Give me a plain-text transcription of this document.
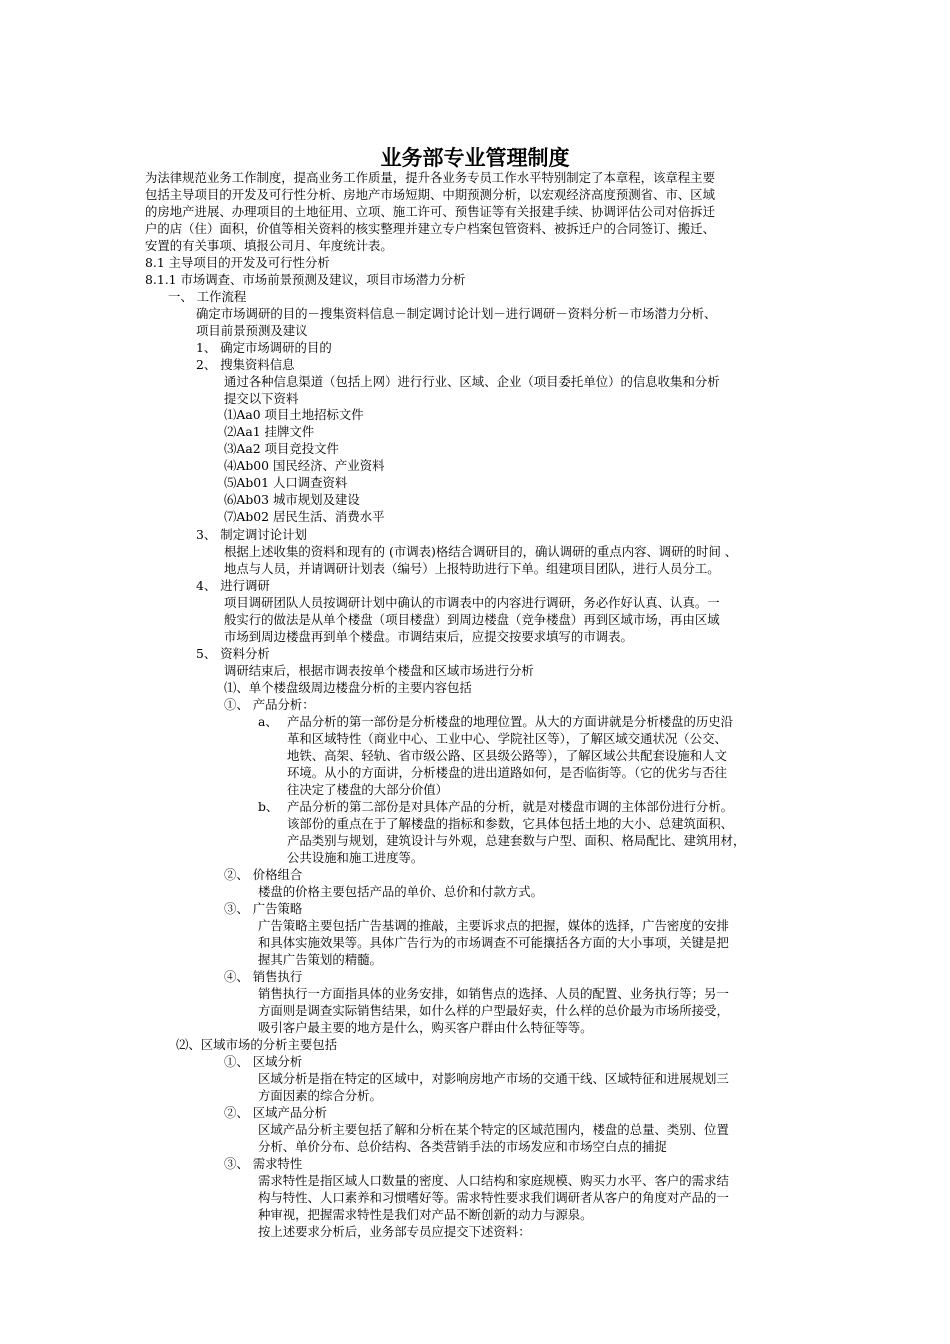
业务部专业管理制度
为法律规范业务工作制度，提高业务工作质量，提升各业务专员工作水平特别制定了本章程，该章程主要
包括主导项目的开发及可行性分析、房地产市场短期、中期预测分析，以宏观经济高度预测省、市、区域
的房地产进展、办理项目的土地征用、立项、施工许可、预售证等有关报建手续、协调评估公司对倍拆迁
户的店（住）面积，价值等相关资料的核实整理并建立专户档案包管资料、被拆迁户的合同签订、搬迁、
安置的有关事项、填报公司月、年度统计表。
8.1 主导项目的开发及可行性分析
8.1.1 市场调查、市场前景预测及建议，项目市场潜力分析
一、 工作流程
确定市场调研的目的－搜集资料信息－制定调讨论计划－进行调研－资料分析－市场潜力分析、
项目前景预测及建议
1、 确定市场调研的目的
2、 搜集资料信息
通过各种信息渠道（包括上网）进行行业、区域、企业（项目委托单位）的信息收集和分析
提交以下资料
⑴Aa0 项目土地招标文件
⑵Aa1 挂牌文件
⑶Aa2 项目竞投文件
⑷Ab00 国民经济、产业资料
⑸Ab01 人口调查资料
⑹Ab03 城市规划及建设
⑺Ab02 居民生活、消费水平
3、 制定调讨论计划
根据上述收集的资料和现有的 (市调表)格结合调研目的，确认调研的重点内容、调研的时间 、
地点与人员，并请调研计划表（编号）上报特助进行下单。组建项目团队，进行人员分工。
4、 进行调研
项目调研团队人员按调研计划中确认的市调表中的内容进行调研，务必作好认真、认真。一
般实行的做法是从单个楼盘（项目楼盘）到周边楼盘（竞争楼盘）再到区域市场，再由区域
市场到周边楼盘再到单个楼盘。市调结束后，应提交按要求填写的市调表。
5、 资料分析
调研结束后，根据市调表按单个楼盘和区域市场进行分析
⑴、单个楼盘级周边楼盘分析的主要内容包括
①、 产品分析：
a、 产品分析的第一部份是分析楼盘的地理位置。从大的方面讲就是分析楼盘的历史沿
革和区域特性（商业中心、工业中心、学院社区等），了解区域交通状况（公交、
地铁、高架、轻轨、省市级公路、区县级公路等），了解区域公共配套设施和人文
环境。从小的方面讲，分析楼盘的进出道路如何，是否临街等。（它的优劣与否往
往决定了楼盘的大部分价值）
b、 产品分析的第二部份是对具体产品的分析，就是对楼盘市调的主体部份进行分析。
该部份的重点在于了解楼盘的指标和参数，它具体包括土地的大小、总建筑面积、
产品类别与规划，建筑设计与外观，总建套数与户型、面积、格局配比、建筑用材，
公共设施和施工进度等。
②、 价格组合
楼盘的价格主要包括产品的单价、总价和付款方式。
③、 广告策略
广告策略主要包括广告基调的推敲，主要诉求点的把握，媒体的选择，广告密度的安排
和具体实施效果等。具体广告行为的市场调查不可能攘括各方面的大小事项，关键是把
握其广告策划的精髓。
④、 销售执行
销售执行一方面指具体的业务安排，如销售点的选择、人员的配置、业务执行等；另一
方面则是调查实际销售结果，如什么样的户型最好卖，什么样的总价最为市场所接受，
吸引客户最主要的地方是什么，购买客户群由什么特征等等。
⑵、区域市场的分析主要包括
①、 区域分析
区域分析是指在特定的区域中，对影响房地产市场的交通干线、区域特征和进展规划三
方面因素的综合分析。
②、 区域产品分析
区域产品分析主要包括了解和分析在某个特定的区域范围内，楼盘的总量、类别、位置
分析、单价分布、总价结构、各类营销手法的市场发应和市场空白点的捕捉
③、 需求特性
需求特性是指区域人口数量的密度、人口结构和家庭规模、购买力水平、客户的需求结
构与特性、人口素养和习惯嗜好等。需求特性要求我们调研者从客户的角度对产品的一
种审视，把握需求特性是我们对产品不断创新的动力与源泉。
按上述要求分析后，业务部专员应提交下述资料：
